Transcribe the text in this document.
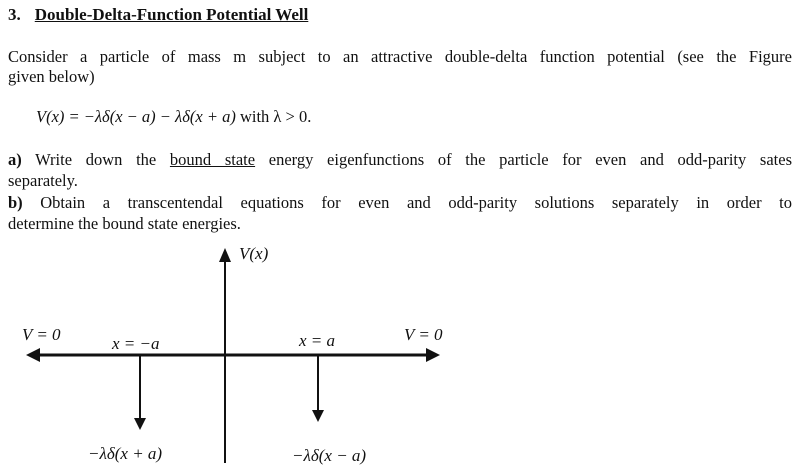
3. Double-Delta-Function Potential Well
Consider a particle of mass m subject to an attractive double-delta function potential (see the Figure
given below)
V(x) = −λδ(x − a) − λδ(x + a) with λ > 0.
a) Write down the bound state energy eigenfunctions of the particle for even and odd-parity sates
separately.
b) Obtain a transcentendal equations for even and odd-parity solutions separately in order to
determine the bound state energies.
V(x)
V = 0	V = 0
x = −a	x = a
−λδ(x + a)	−λδ(x − a)
